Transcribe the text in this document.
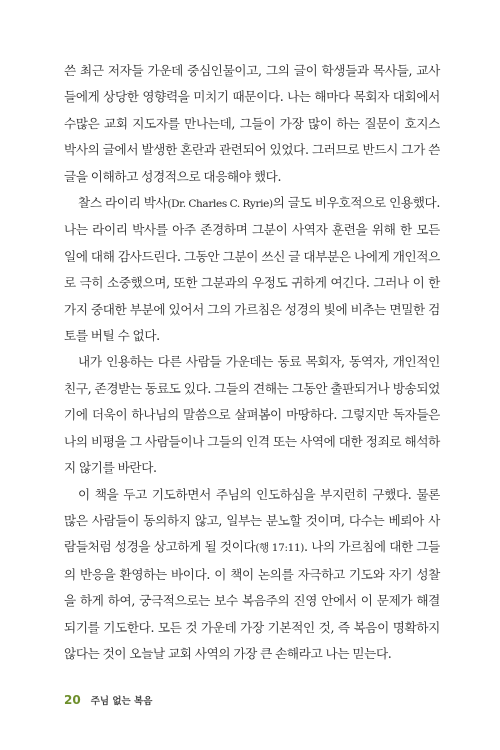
쓴 최근 저자들 가운데 중심인물이고, 그의 글이 학생들과 목사들, 교사들에게 상당한 영향력을 미치기 때문이다. 나는 해마다 목회자 대회에서 수많은 교회 지도자를 만나는데, 그들이 가장 많이 하는 질문이 호지스 박사의 글에서 발생한 혼란과 관련되어 있었다. 그러므로 반드시 그가 쓴 글을 이해하고 성경적으로 대응해야 했다.

찰스 라이리 박사(Dr. Charles C. Ryrie)의 글도 비우호적으로 인용했다. 나는 라이리 박사를 아주 존경하며 그분이 사역자 훈련을 위해 한 모든 일에 대해 감사드린다. 그동안 그분이 쓰신 글 대부분은 나에게 개인적으로 극히 소중했으며, 또한 그분과의 우정도 귀하게 여긴다. 그러나 이 한 가지 중대한 부분에 있어서 그의 가르침은 성경의 빛에 비추는 면밀한 검토를 버틸 수 없다.

내가 인용하는 다른 사람들 가운데는 동료 목회자, 동역자, 개인적인 친구, 존경받는 동료도 있다. 그들의 견해는 그동안 출판되거나 방송되었기에 더욱이 하나님의 말씀으로 살펴봄이 마땅하다. 그렇지만 독자들은 나의 비평을 그 사람들이나 그들의 인격 또는 사역에 대한 정죄로 해석하지 않기를 바란다.

이 책을 두고 기도하면서 주님의 인도하심을 부지런히 구했다. 물론 많은 사람들이 동의하지 않고, 일부는 분노할 것이며, 다수는 베뢰아 사람들처럼 성경을 상고하게 될 것이다(행 17:11). 나의 가르침에 대한 그들의 반응을 환영하는 바이다. 이 책이 논의를 자극하고 기도와 자기 성찰을 하게 하여, 궁극적으로는 보수 복음주의 진영 안에서 이 문제가 해결되기를 기도한다. 모든 것 가운데 가장 기본적인 것, 즉 복음이 명확하지 않다는 것이 오늘날 교회 사역의 가장 큰 손해라고 나는 믿는다.

20 주님 없는 복음
